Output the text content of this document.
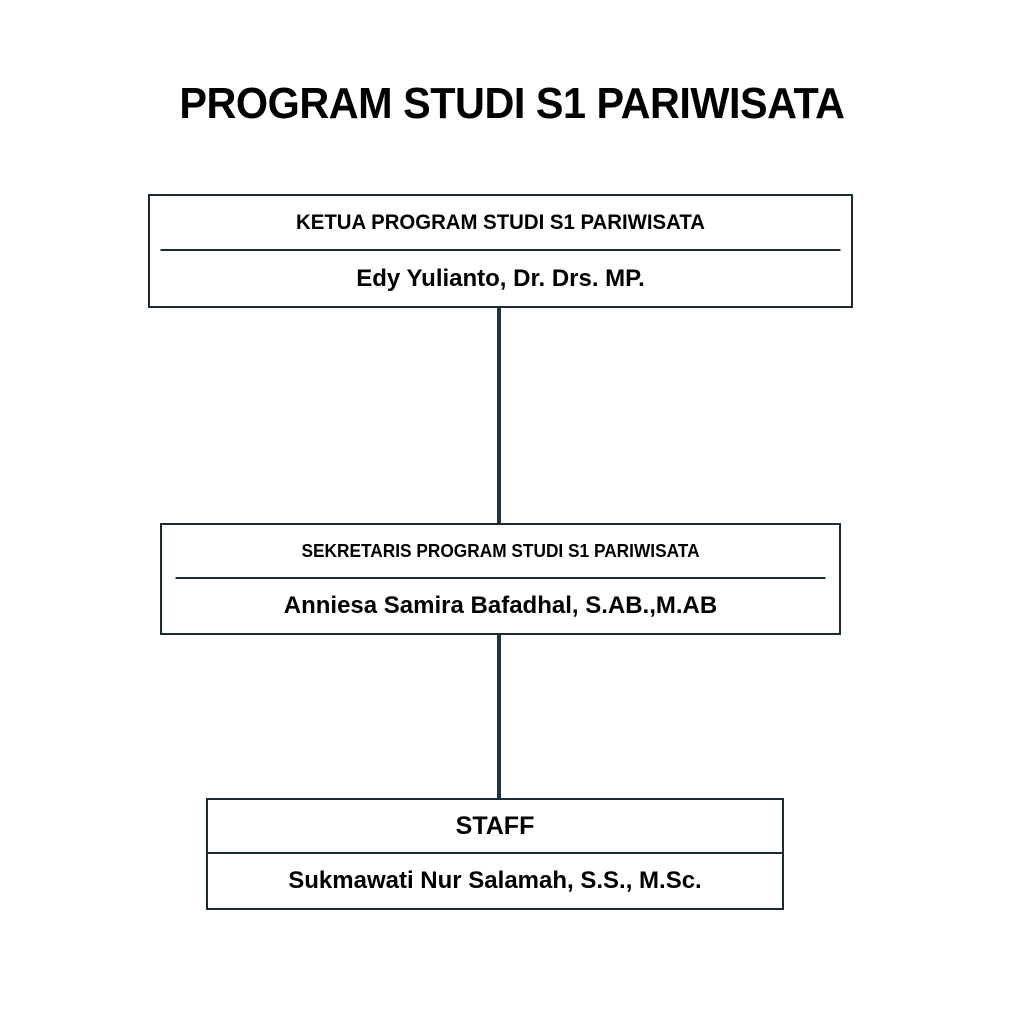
PROGRAM STUDI S1 PARIWISATA
KETUA PROGRAM STUDI S1 PARIWISATA
Edy Yulianto, Dr. Drs. MP.
SEKRETARIS PROGRAM STUDI S1 PARIWISATA
Anniesa Samira Bafadhal, S.AB.,M.AB
STAFF
Sukmawati Nur Salamah, S.S., M.Sc.
